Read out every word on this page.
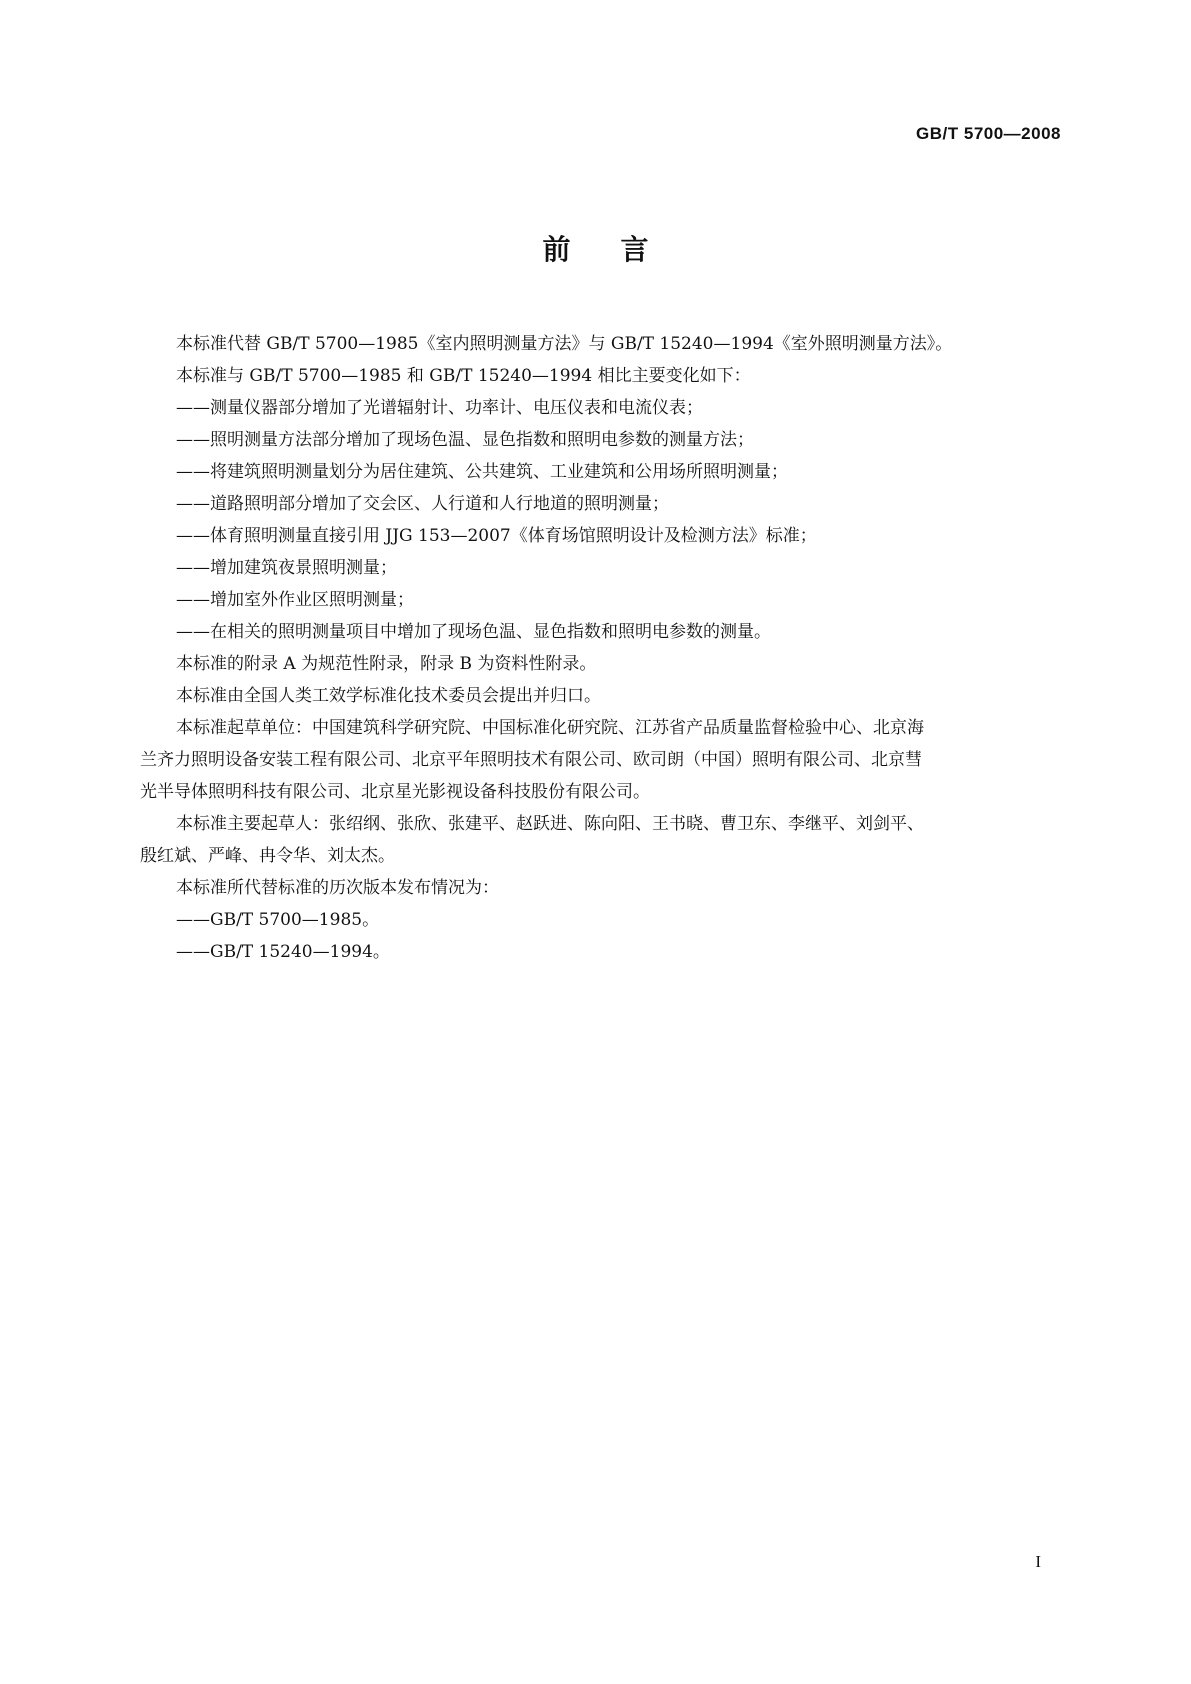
GB/T 5700—2008
前言
本标准代替 GB/T 5700—1985《室内照明测量方法》与 GB/T 15240—1994《室外照明测量方法》。
本标准与 GB/T 5700—1985 和 GB/T 15240—1994 相比主要变化如下：
——测量仪器部分增加了光谱辐射计、功率计、电压仪表和电流仪表；
——照明测量方法部分增加了现场色温、显色指数和照明电参数的测量方法；
——将建筑照明测量划分为居住建筑、公共建筑、工业建筑和公用场所照明测量；
——道路照明部分增加了交会区、人行道和人行地道的照明测量；
——体育照明测量直接引用 JJG 153—2007《体育场馆照明设计及检测方法》标准；
——增加建筑夜景照明测量；
——增加室外作业区照明测量；
——在相关的照明测量项目中增加了现场色温、显色指数和照明电参数的测量。
本标准的附录 A 为规范性附录，附录 B 为资料性附录。
本标准由全国人类工效学标准化技术委员会提出并归口。
本标准起草单位：中国建筑科学研究院、中国标准化研究院、江苏省产品质量监督检验中心、北京海
兰齐力照明设备安装工程有限公司、北京平年照明技术有限公司、欧司朗（中国）照明有限公司、北京彗
光半导体照明科技有限公司、北京星光影视设备科技股份有限公司。
本标准主要起草人：张绍纲、张欣、张建平、赵跃进、陈向阳、王书晓、曹卫东、李继平、刘剑平、
殷红斌、严峰、冉令华、刘太杰。
本标准所代替标准的历次版本发布情况为：
——GB/T 5700—1985。
——GB/T 15240—1994。
I
